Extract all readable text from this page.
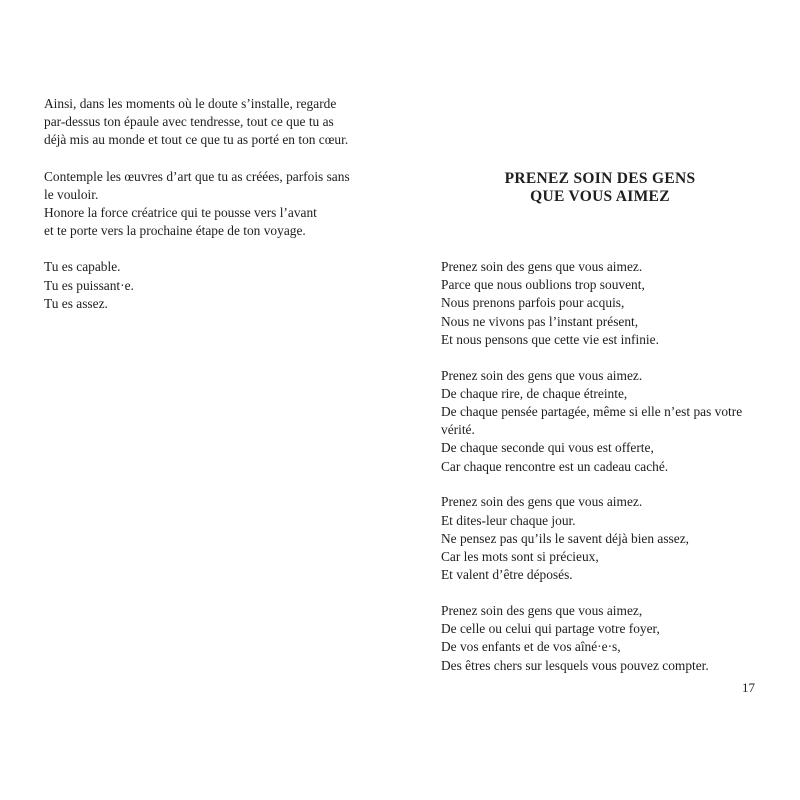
Ainsi, dans les moments où le doute s’installe, regarde
par-dessus ton épaule avec tendresse, tout ce que tu as
déjà mis au monde et tout ce que tu as porté en ton cœur.

Contemple les œuvres d’art que tu as créées, parfois sans
le vouloir.
Honore la force créatrice qui te pousse vers l’avant
et te porte vers la prochaine étape de ton voyage.

Tu es capable.
Tu es puissant·e.
Tu es assez.

PRENEZ SOIN DES GENS
QUE VOUS AIMEZ

Prenez soin des gens que vous aimez.
Parce que nous oublions trop souvent,
Nous prenons parfois pour acquis,
Nous ne vivons pas l’instant présent,
Et nous pensons que cette vie est infinie.

Prenez soin des gens que vous aimez.
De chaque rire, de chaque étreinte,
De chaque pensée partagée, même si elle n’est pas votre
vérité.
De chaque seconde qui vous est offerte,
Car chaque rencontre est un cadeau caché.

Prenez soin des gens que vous aimez.
Et dites-leur chaque jour.
Ne pensez pas qu’ils le savent déjà bien assez,
Car les mots sont si précieux,
Et valent d’être déposés.

Prenez soin des gens que vous aimez,
De celle ou celui qui partage votre foyer,
De vos enfants et de vos aîné·e·s,
Des êtres chers sur lesquels vous pouvez compter.

17
